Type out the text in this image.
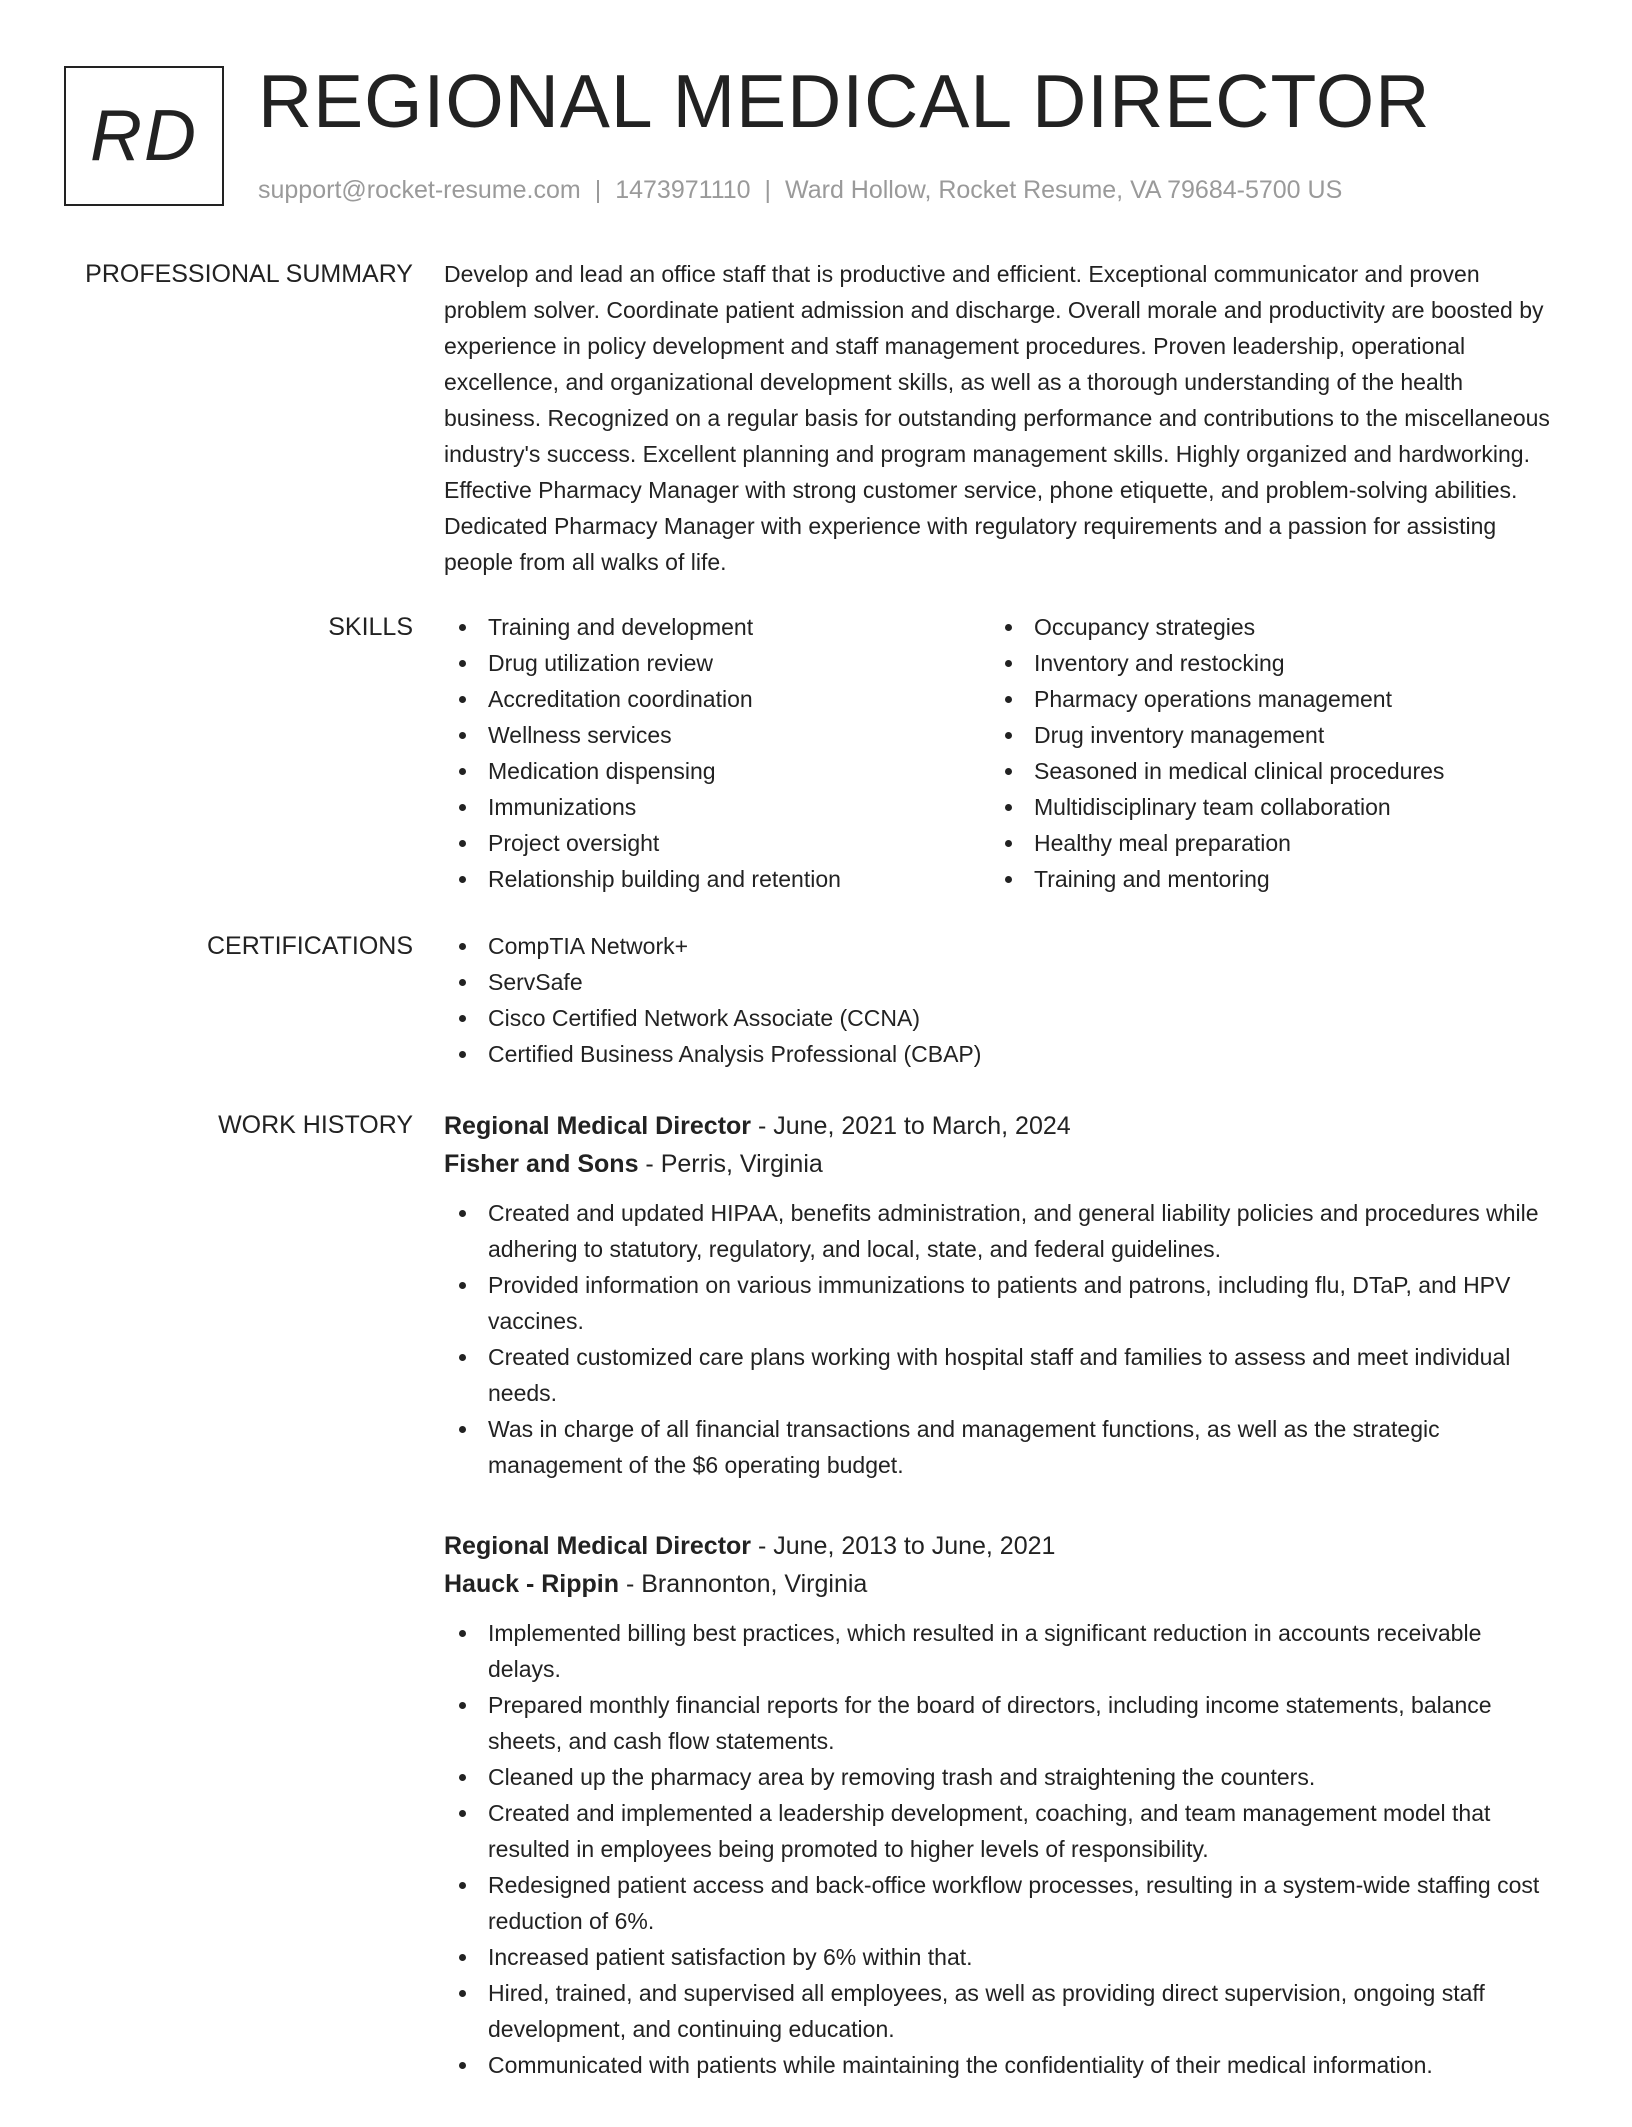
RD REGIONAL MEDICAL DIRECTOR
support@rocket-resume.com | 1473971110 | Ward Hollow, Rocket Resume, VA 79684-5700 US
PROFESSIONAL SUMMARY Develop and lead an office staff that is productive and efficient. Exceptional communicator and proven problem solver. Coordinate patient admission and discharge. Overall morale and productivity are boosted by experience in policy development and staff management procedures. Proven leadership, operational excellence, and organizational development skills, as well as a thorough understanding of the health business. Recognized on a regular basis for outstanding performance and contributions to the miscellaneous industry's success. Excellent planning and program management skills. Highly organized and hardworking. Effective Pharmacy Manager with strong customer service, phone etiquette, and problem-solving abilities. Dedicated Pharmacy Manager with experience with regulatory requirements and a passion for assisting people from all walks of life.

SKILLS	Training and development
Drug utilization review
Accreditation coordination
Wellness services
Medication dispensing
Immunizations
Project oversight
Relationship building and retention
Occupancy strategies
Inventory and restocking
Pharmacy operations management
Drug inventory management
Seasoned in medical clinical procedures
Multidisciplinary team collaboration
Healthy meal preparation
Training and mentoring
CERTIFICATIONS	CompTIA Network+
ServSafe
Cisco Certified Network Associate (CCNA)
Certified Business Analysis Professional (CBAP)
WORK HISTORY Regional Medical Director - June, 2021 to March, 2024
Fisher and Sons - Perris, Virginia
Created and updated HIPAA, benefits administration, and general liability policies and procedures while adhering to statutory, regulatory, and local, state, and federal guidelines.
Provided information on various immunizations to patients and patrons, including flu, DTaP, and HPV vaccines.
Created customized care plans working with hospital staff and families to assess and meet individual needs.
Was in charge of all financial transactions and management functions, as well as the strategic management of the $6 operating budget.
Regional Medical Director - June, 2013 to June, 2021
Hauck - Rippin - Brannonton, Virginia
Implemented billing best practices, which resulted in a significant reduction in accounts receivable delays.
Prepared monthly financial reports for the board of directors, including income statements, balance sheets, and cash flow statements.
Cleaned up the pharmacy area by removing trash and straightening the counters.
Created and implemented a leadership development, coaching, and team management model that resulted in employees being promoted to higher levels of responsibility.
Redesigned patient access and back-office workflow processes, resulting in a system-wide staffing cost reduction of 6%.
Increased patient satisfaction by 6% within that.
Hired, trained, and supervised all employees, as well as providing direct supervision, ongoing staff development, and continuing education.
Communicated with patients while maintaining the confidentiality of their medical information.
